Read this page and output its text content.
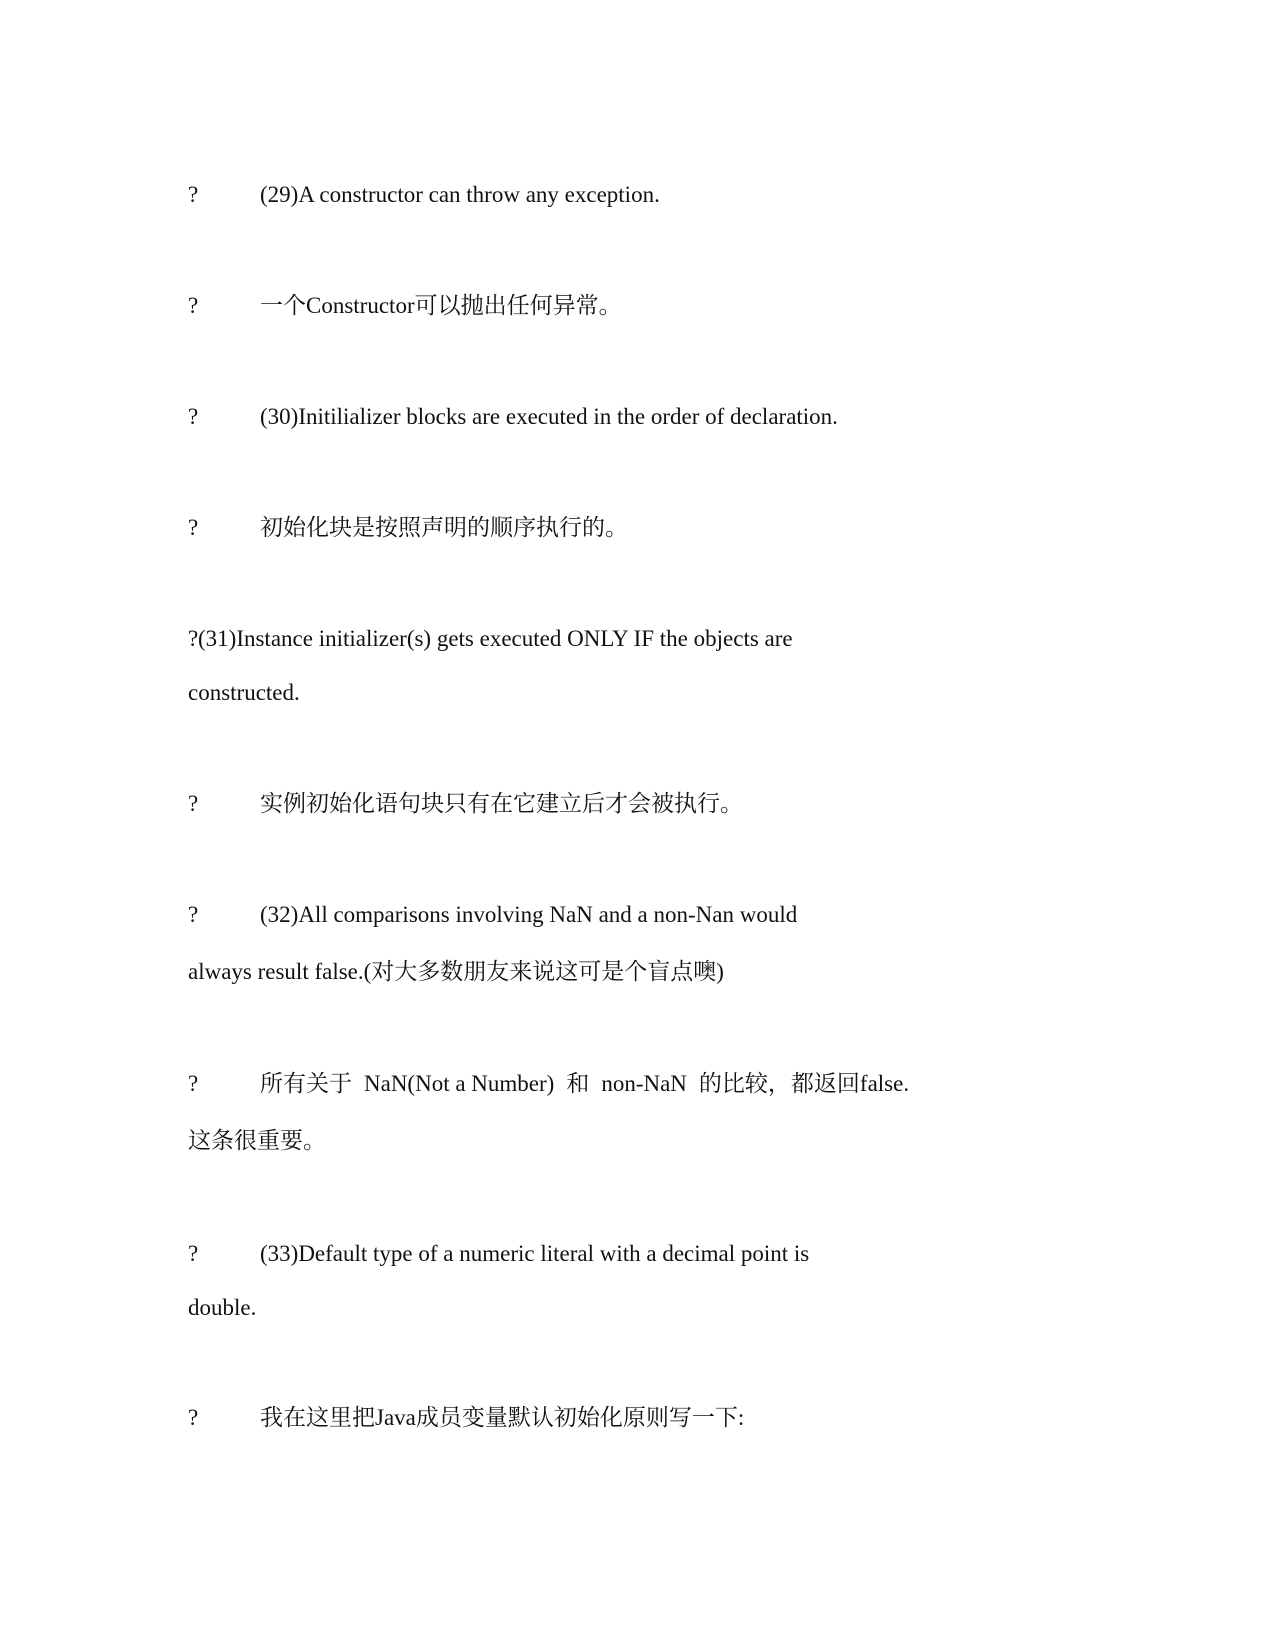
?	(29)A constructor can throw any exception.
?	一个Constructor可以抛出任何异常。
?	(30)Initilializer blocks are executed in the order of declaration.
?	初始化块是按照声明的顺序执行的。
?(31)Instance initializer(s) gets executed ONLY IF the objects are
constructed.
?	实例初始化语句块只有在它建立后才会被执行。
?	(32)All comparisons involving NaN and a non-Nan would
always result false.(对大多数朋友来说这可是个盲点噢)
?	所有关于 NaN(Not a Number) 和 non-NaN 的比较，都返回false.
这条很重要。
?	(33)Default type of a numeric literal with a decimal point is
double.
?	我在这里把Java成员变量默认初始化原则写一下:
